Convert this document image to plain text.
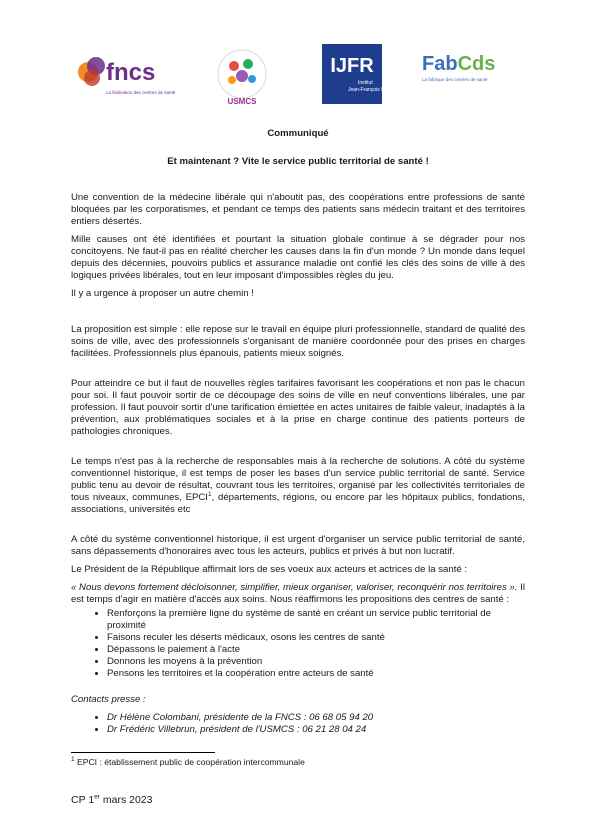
fncs
La fédération des centres de santé
USMCS
IJFR
Institut
Jean-François Rey
FabCds
La fabrique des centres de santé

Communiqué

Et maintenant ? Vite le service public territorial de santé !

Une convention de la médecine libérale qui n'aboutit pas, des coopérations entre professions de santé bloquées par les corporatismes, et pendant ce temps des patients sans médecin traitant et des territoires entiers désertés.

Mille causes ont été identifiées et pourtant la situation globale continue à se dégrader pour nos concitoyens. Ne faut-il pas en réalité chercher les causes dans la fin d'un monde ? Un monde dans lequel depuis des décennies, pouvoirs publics et assurance maladie ont confié les clés des soins de ville à des logiques privées libérales, tout en leur imposant d'impossibles règles du jeu.

Il y a urgence à proposer un autre chemin !

La proposition est simple : elle repose sur le travail en équipe pluri professionnelle, standard de qualité des soins de ville, avec des professionnels s'organisant de manière coordonnée pour des prises en charges facilitées. Professionnels plus épanouis, patients mieux soignés.

Pour atteindre ce but il faut de nouvelles règles tarifaires favorisant les coopérations et non pas le chacun pour soi. Il faut pouvoir sortir de ce découpage des soins de ville en neuf conventions libérales, une par profession. Il faut pouvoir sortir d'une tarification émiettée en actes unitaires de faible valeur, inadaptés à la prévention, aux problématiques sociales et à la prise en charge continue des patients porteurs de pathologies chroniques.

Le temps n'est pas à la recherche de responsables mais à la recherche de solutions. A côté du système conventionnel historique, il est temps de poser les bases d'un service public territorial de santé. Service public tenu au devoir de résultat, couvrant tous les territoires, organisé par les collectivités territoriales de tous niveaux, communes, EPCI$^1$, départements, régions, ou encore par les hôpitaux publics, fondations, associations, universités etc

A côté du système conventionnel historique, il est urgent d'organiser un service public territorial de santé, sans dépassements d'honoraires avec tous les acteurs, publics et privés à but non lucratif.

Le Président de la République affirmait lors de ses voeux aux acteurs et actrices de la santé :

« Nous devons fortement décloisonner, simplifier, mieux organiser, valoriser, reconquérir nos territoires ». Il est temps d'agir en matière d'accès aux soins. Nous réaffirmons les propositions des centres de santé :

• Renforçons la première ligne du système de santé en créant un service public territorial de proximité
• Faisons reculer les déserts médicaux, osons les centres de santé
• Dépassons le paiement à l'acte
• Donnons les moyens à la prévention
• Pensons les territoires et la coopération entre acteurs de santé

Contacts presse :

• Dr Hélène Colombani, présidente de la FNCS : 06 68 05 94 20
• Dr Frédéric Villebrun, président de l'USMCS : 06 21 28 04 24
$^1$ EPCI : établissement public de coopération intercommunale
CP 1er mars 2023
